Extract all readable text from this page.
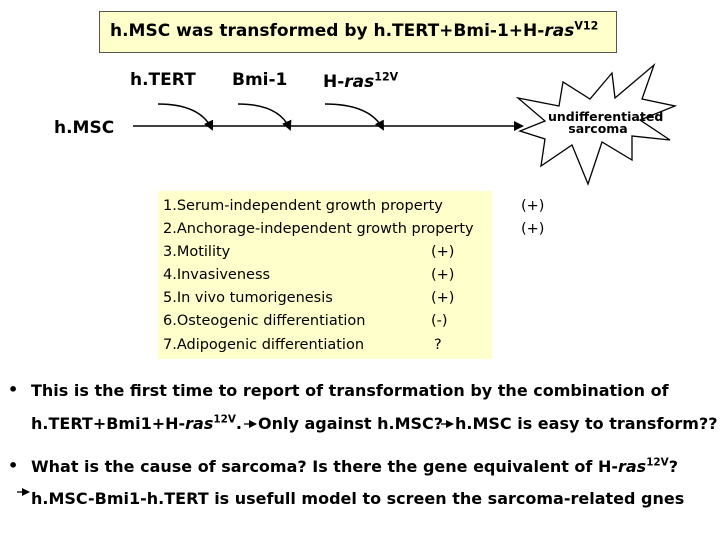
h.MSC was transformed by h.TERT+Bmi-1+H-ras$^{V12}$
h.TERT Bmi-1 H-ras$^{12V}$
h.MSC
undifferentiated
sarcoma
1.Serum-independent growth property	(+)
2.Anchorage-independent growth property	(+)
3.Motility	(+)
4.Invasiveness	(+)
5.In vivo tumorigenesis	(+)
6.Osteogenic differentiation	(-)
7.Adipogenic differentiation	?
• This is the first time to report of transformation by the combination of
h.TERT+Bmi1+H-ras$^{12V}$. Only against h.MSC? h.MSC is easy to transform??
• What is the cause of sarcoma? Is there the gene equivalent of H-ras$^{12V}$?
h.MSC-Bmi1-h.TERT is usefull model to screen the sarcoma-related gnes
